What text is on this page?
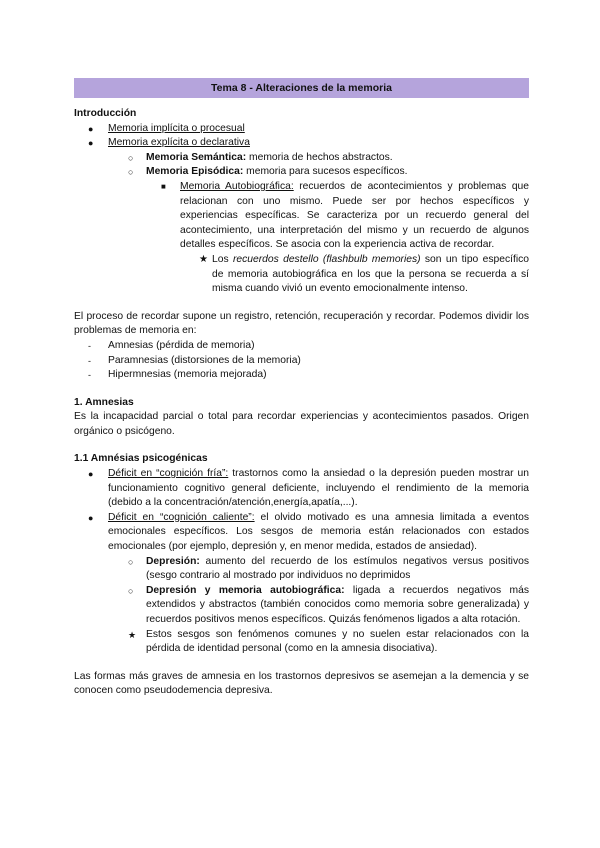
Tema 8 - Alteraciones de la memoria

Introducción

● Memoria implícita o procesual
● Memoria explícita o declarativa
○ Memoria Semántica: memoria de hechos abstractos.
○ Memoria Episódica: memoria para sucesos específicos.
■ Memoria Autobiográfica: recuerdos de acontecimientos y problemas que relacionan con uno mismo. Puede ser por hechos específicos y experiencias específicas. Se caracteriza por un recuerdo general del acontecimiento, una interpretación del mismo y un recuerdo de algunos detalles específicos. Se asocia con la experiencia activa de recordar.
★ Los recuerdos destello (flashbulb memories) son un tipo específico de memoria autobiográfica en los que la persona se recuerda a sí misma cuando vivió un evento emocionalmente intenso.

El proceso de recordar supone un registro, retención, recuperación y recordar. Podemos dividir los problemas de memoria en:

- Amnesias (pérdida de memoria)
- Paramnesias (distorsiones de la memoria)
- Hipermnesias (memoria mejorada)

1. Amnesias

Es la incapacidad parcial o total para recordar experiencias y acontecimientos pasados. Origen orgánico o psicógeno.

1.1 Amnésias psicogénicas

● Déficit en “cognición fría”: trastornos como la ansiedad o la depresión pueden mostrar un funcionamiento cognitivo general deficiente, incluyendo el rendimiento de la memoria (debido a la concentración/atención,energía,apatía,...).
● Déficit en “cognición caliente”: el olvido motivado es una amnesia limitada a eventos emocionales específicos. Los sesgos de memoria están relacionados con estados emocionales (por ejemplo, depresión y, en menor medida, estados de ansiedad).
○ Depresión: aumento del recuerdo de los estímulos negativos versus positivos (sesgo contrario al mostrado por individuos no deprimidos
○ Depresión y memoria autobiográfica: ligada a recuerdos negativos más extendidos y abstractos (también conocidos como memoria sobre generalizada) y recuerdos positivos menos específicos. Quizás fenómenos ligados a alta rotación.
★ Estos sesgos son fenómenos comunes y no suelen estar relacionados con la pérdida de identidad personal (como en la amnesia disociativa).

Las formas más graves de amnesia en los trastornos depresivos se asemejan a la demencia y se conocen como pseudodemencia depresiva.
